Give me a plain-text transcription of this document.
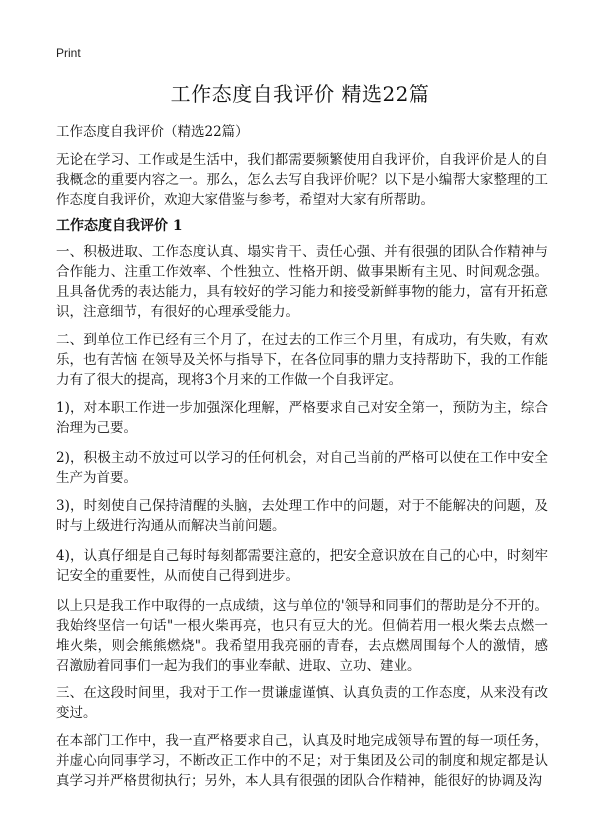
Print
工作态度自我评价 精选22篇
工作态度自我评价（精选22篇）

无论在学习、工作或是生活中，我们都需要频繁使用自我评价，自我评价是人的自我概念的重要内容之一。那么，怎么去写自我评价呢？以下是小编帮大家整理的工作态度自我评价，欢迎大家借鉴与参考，希望对大家有所帮助。

工作态度自我评价 1

一、积极进取、工作态度认真、塌实肯干、责任心强、并有很强的团队合作精神与合作能力、注重工作效率、个性独立、性格开朗、做事果断有主见、时间观念强。且具备优秀的表达能力，具有较好的学习能力和接受新鲜事物的能力，富有开拓意识，注意细节，有很好的心理承受能力。

二、到单位工作已经有三个月了，在过去的工作三个月里，有成功，有失败，有欢乐，也有苦恼 在领导及关怀与指导下，在各位同事的鼎力支持帮助下，我的工作能力有了很大的提高，现将3个月来的工作做一个自我评定。

1)，对本职工作进一步加强深化理解，严格要求自己对安全第一，预防为主，综合治理为己要。

2)，积极主动不放过可以学习的任何机会，对自己当前的严格可以使在工作中安全生产为首要。

3)，时刻使自己保持清醒的头脑，去处理工作中的问题，对于不能解决的问题，及时与上级进行沟通从而解决当前问题。

4)，认真仔细是自己每时每刻都需要注意的，把安全意识放在自己的心中，时刻牢记安全的重要性，从而使自己得到进步。

以上只是我工作中取得的一点成绩，这与单位的'领导和同事们的帮助是分不开的。我始终坚信一句话"一根火柴再亮，也只有豆大的光。但倘若用一根火柴去点燃一堆火柴，则会熊熊燃烧"。我希望用我亮丽的青春，去点燃周围每个人的激情，感召激励着同事们一起为我们的事业奉献、进取、立功、建业。

三、在这段时间里，我对于工作一贯谦虚谨慎、认真负责的工作态度，从来没有改变过。

在本部门工作中，我一直严格要求自己，认真及时地完成领导布置的每一项任务，并虚心向同事学习，不断改正工作中的不足；对于集团及公司的制度和规定都是认真学习并严格贯彻执行；另外，本人具有很强的团队合作精神，能很好的协调及沟
